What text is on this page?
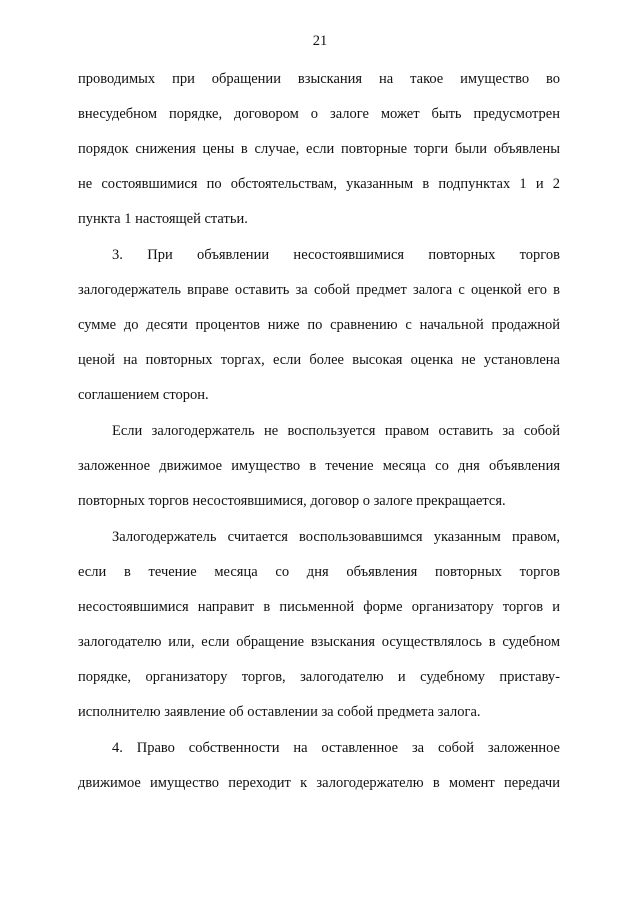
21
проводимых при обращении взыскания на такое имущество во
внесудебном порядке, договором о залоге может быть предусмотрен
порядок снижения цены в случае, если повторные торги были объявлены
не состоявшимися по обстоятельствам, указанным в подпунктах 1 и 2
пункта 1 настоящей статьи.
3. При объявлении несостоявшимися повторных торгов
залогодержатель вправе оставить за собой предмет залога с оценкой его в
сумме до десяти процентов ниже по сравнению с начальной продажной
ценой на повторных торгах, если более высокая оценка не установлена
соглашением сторон.
Если залогодержатель не воспользуется правом оставить за собой
заложенное движимое имущество в течение месяца со дня объявления
повторных торгов несостоявшимися, договор о залоге прекращается.
Залогодержатель считается воспользовавшимся указанным правом,
если в течение месяца со дня объявления повторных торгов
несостоявшимися направит в письменной форме организатору торгов и
залогодателю или, если обращение взыскания осуществлялось в судебном
порядке, организатору торгов, залогодателю и судебному приставу-
исполнителю заявление об оставлении за собой предмета залога.
4. Право собственности на оставленное за собой заложенное
движимое имущество переходит к залогодержателю в момент передачи
